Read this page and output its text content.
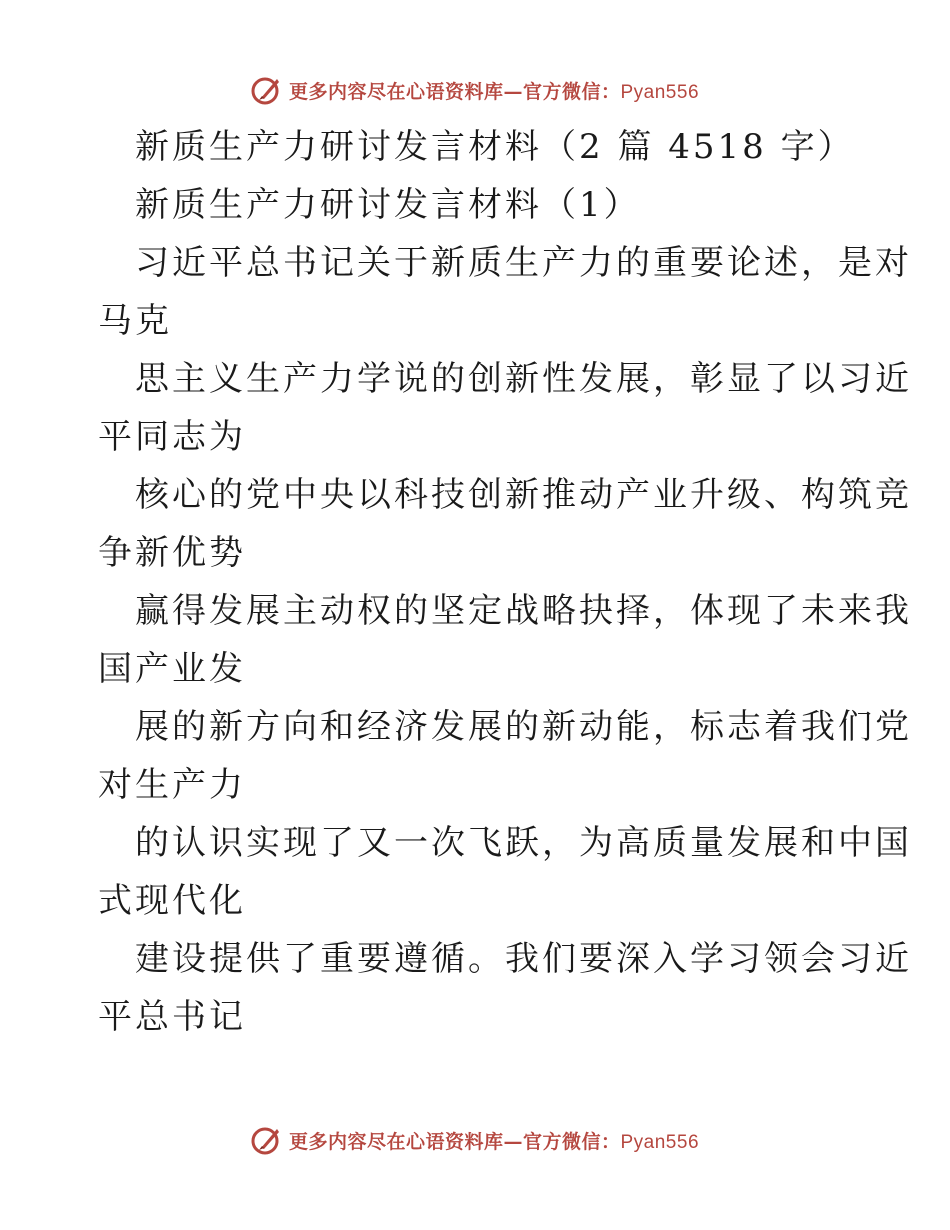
更多内容尽在心语资料库—官方微信：Pyan556
新质生产力研讨发言材料（2 篇 4518 字）
新质生产力研讨发言材料（1）
习近平总书记关于新质生产力的重要论述，是对
马克
思主义生产力学说的创新性发展，彰显了以习近
平同志为
核心的党中央以科技创新推动产业升级、构筑竞
争新优势
赢得发展主动权的坚定战略抉择，体现了未来我
国产业发
展的新方向和经济发展的新动能，标志着我们党
对生产力
的认识实现了又一次飞跃，为高质量发展和中国
式现代化
建设提供了重要遵循。我们要深入学习领会习近
平总书记
更多内容尽在心语资料库—官方微信：Pyan556
